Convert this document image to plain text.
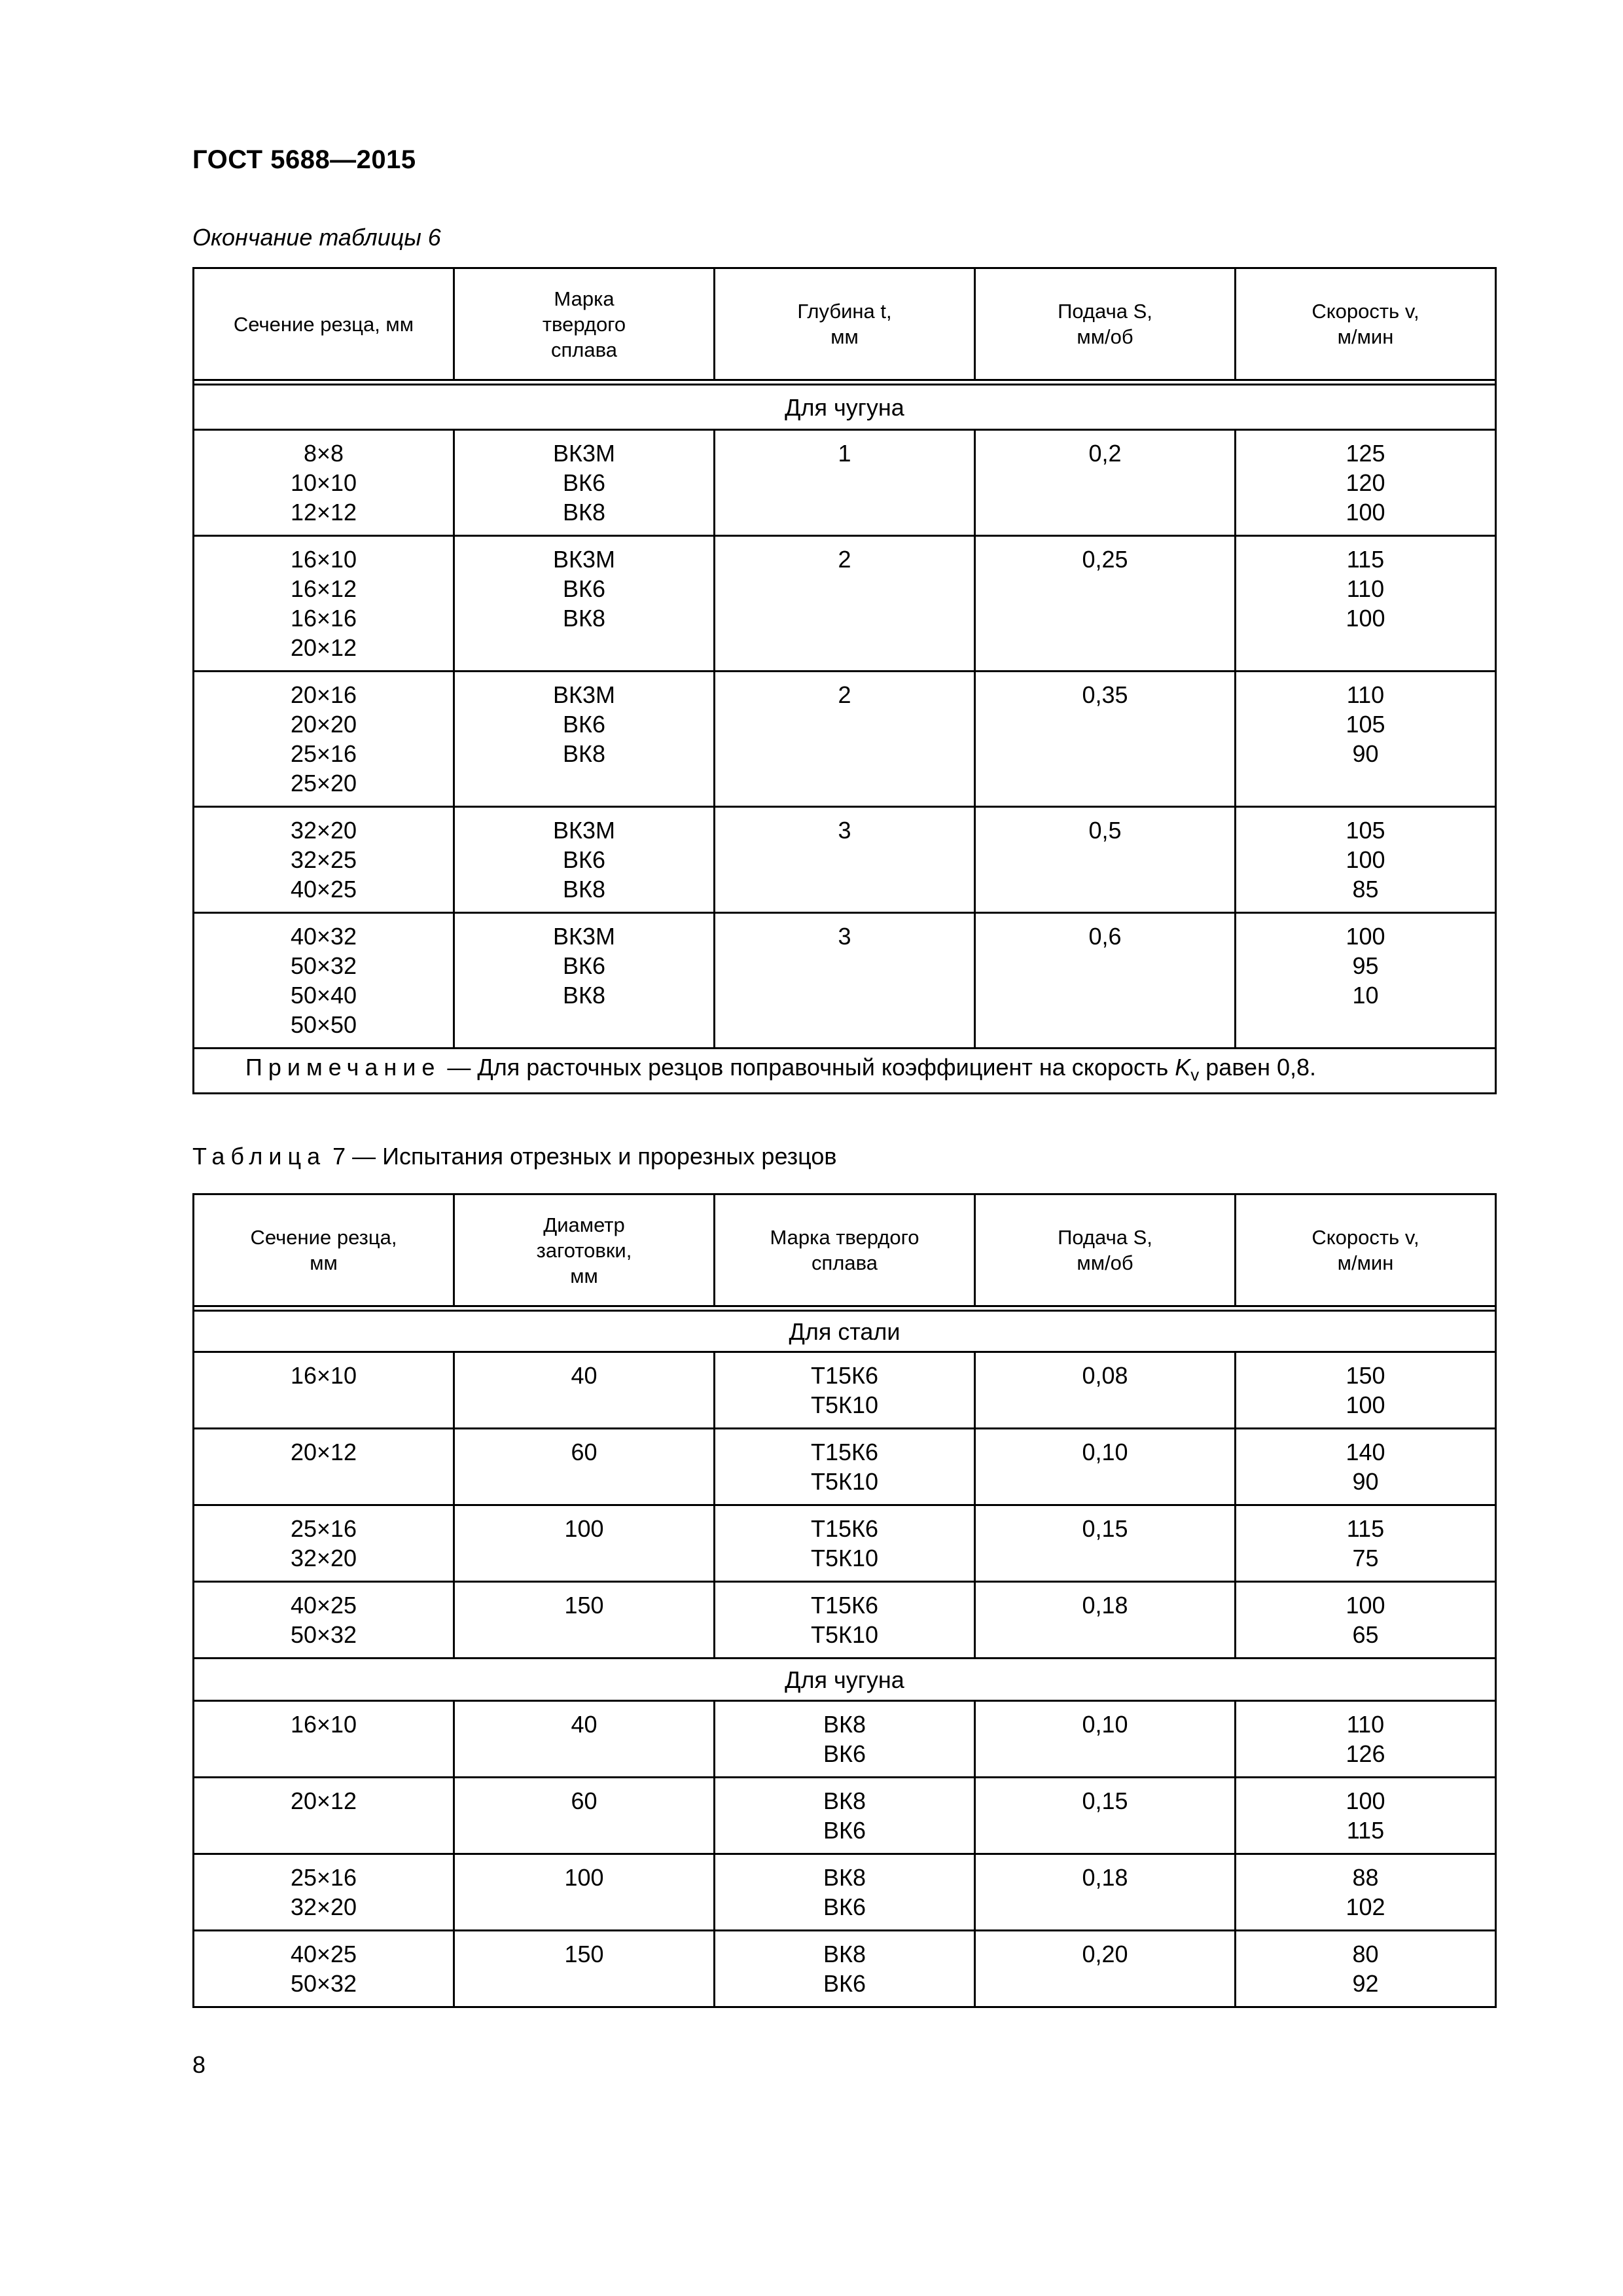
ГОСТ 5688—2015
Окончание таблицы 6
Сечение резца, мм	Марка
твердого
сплава	Глубина t,
мм	Подача S,
мм/об	Скорость v,
м/мин

Для чугуна				

8×8
10×10
12×12	ВК3М
ВК6
ВК8	1	0,2	125
120
100

16×10
16×12
16×16
20×12	ВК3М
ВК6
ВК8	2	0,25	115
110
100

20×16
20×20
25×16
25×20	ВК3М
ВК6
ВК8	2	0,35	110
105
90

32×20
32×25
40×25	ВК3М
ВК6
ВК8	3	0,5	105
100
85

40×32
50×32
50×40
50×50	ВК3М
ВК6
ВК8	3	0,6	100
95
10

Примечание — Для расточных резцов поправочный коэффициент на скорость $K_v$ равен 0,8.				
Таблица 7 — Испытания отрезных и прорезных резцов
Сечение резца,
мм	Диаметр
заготовки,
мм	Марка твердого
сплава	Подача S,
мм/об	Скорость v,
м/мин

Для стали				

16×10	40	Т15К6
Т5К10	0,08	150
100

20×12	60	Т15К6
Т5К10	0,10	140
90

25×16
32×20	100	Т15К6
Т5К10	0,15	115
75

40×25
50×32	150	Т15К6
Т5К10	0,18	100
65

Для чугуна				

16×10	40	ВК8
ВК6	0,10	110
126

20×12	60	ВК8
ВК6	0,15	100
115

25×16
32×20	100	ВК8
ВК6	0,18	88
102

40×25
50×32	150	ВК8
ВК6	0,20	80
92
8
